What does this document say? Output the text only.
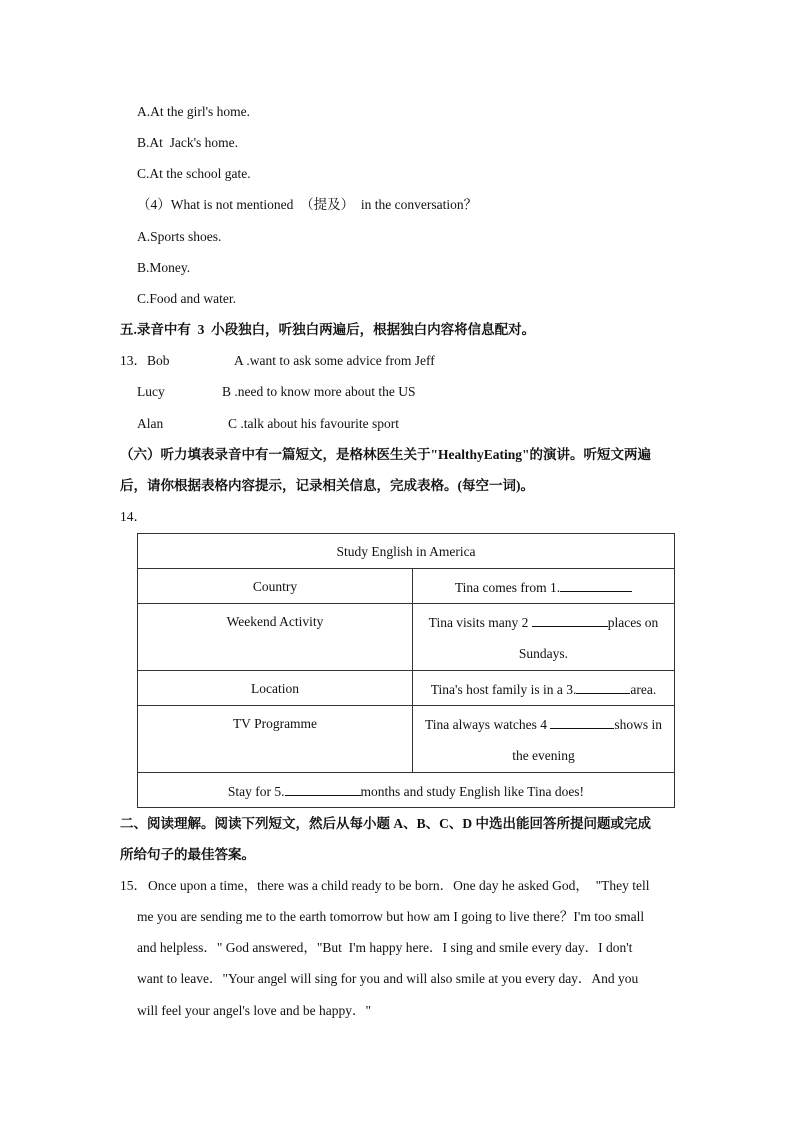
A.At the girl's home.
B.At  Jack's home.
C.At the school gate.
（4）What is not mentioned  （提及）  in the conversation？
A.Sports shoes.
B.Money.
C.Food and water.
五.录音中有  3  小段独白，听独白两遍后，根据独白内容将信息配对。
13． Bob	A .want to ask some advice from Jeff
Lucy	B .need to know more about the US
Alan	C .talk about his favourite sport
（六）听力填表录音中有一篇短文，是格林医生关于"HealthyEating"的演讲。听短文两遍
后，请你根据表格内容提示，记录相关信息，完成表格。(每空一词)。
14．
Study English in America	
Country	Tina comes from 1.
Weekend Activity	Tina visits many 2 places on
Sundays.

Location	Tina's host family is in a 3. area.
TV Programme	Tina always watches 4 shows in
the evening

Stay for 5. months and study English like Tina does!	
二、阅读理解。阅读下列短文，然后从每小题 A、B、C、D 中选出能回答所提问题或完成
所给句子的最佳答案。
15． Once upon a time，there was a child ready to be born．One day he asked God，  "They tell
me you are sending me to the earth tomorrow but how am I going to live there？I'm too small
and helpless．" God answered，"But  I'm happy here．I sing and smile every day．I don't
want to leave．"Your angel will sing for you and will also smile at you every day．And you
will feel your angel's love and be happy．"
